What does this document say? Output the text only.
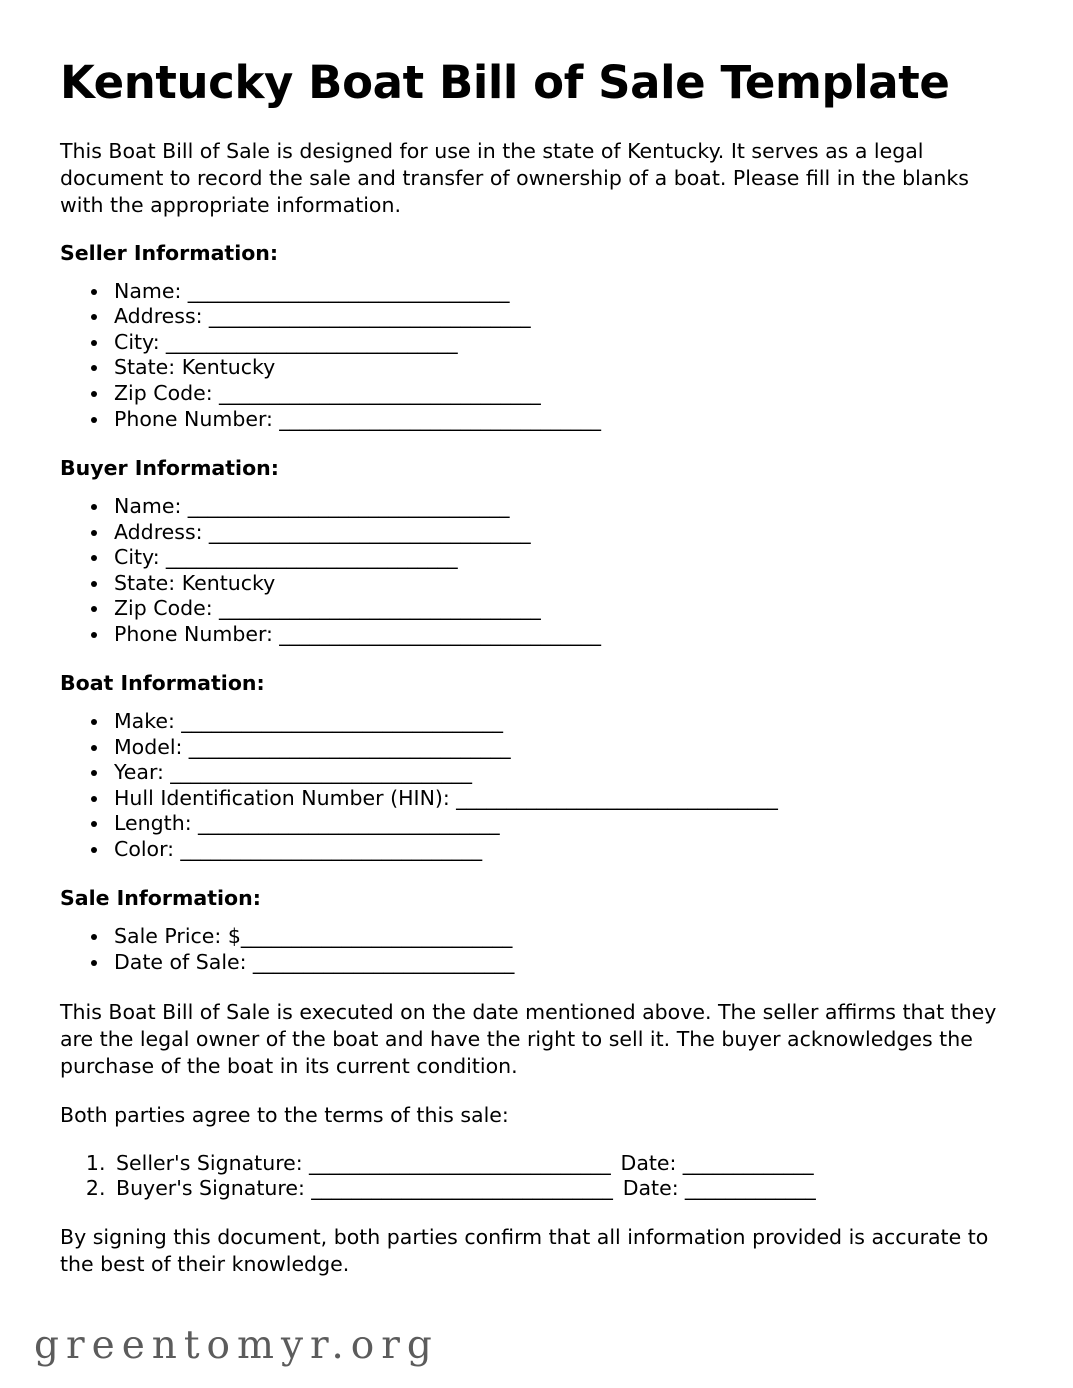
Kentucky Boat Bill of Sale Template

This Boat Bill of Sale is designed for use in the state of Kentucky. It serves as a legal document to record the sale and transfer of ownership of a boat. Please fill in the blanks with the appropriate information.

Seller Information:
• Name: ________________________________
• Address: ________________________________
• City: _____________________________
• State: Kentucky
• Zip Code: ________________________________
• Phone Number: ________________________________
Buyer Information:
• Name: ________________________________
• Address: ________________________________
• City: _____________________________
• State: Kentucky
• Zip Code: ________________________________
• Phone Number: ________________________________
Boat Information:
• Make: ________________________________
• Model: ________________________________
• Year: ______________________________
• Hull Identification Number (HIN): ________________________________
• Length: ______________________________
• Color: ______________________________
Sale Information:
• Sale Price: $___________________________
• Date of Sale: __________________________

This Boat Bill of Sale is executed on the date mentioned above. The seller affirms that they are the legal owner of the boat and have the right to sell it. The buyer acknowledges the purchase of the boat in its current condition.

Both parties agree to the terms of this sale:

1. Seller's Signature: ______________________________ Date: _____________
2. Buyer's Signature: ______________________________ Date: _____________

By signing this document, both parties confirm that all information provided is accurate to the best of their knowledge.

greentomyr.org
